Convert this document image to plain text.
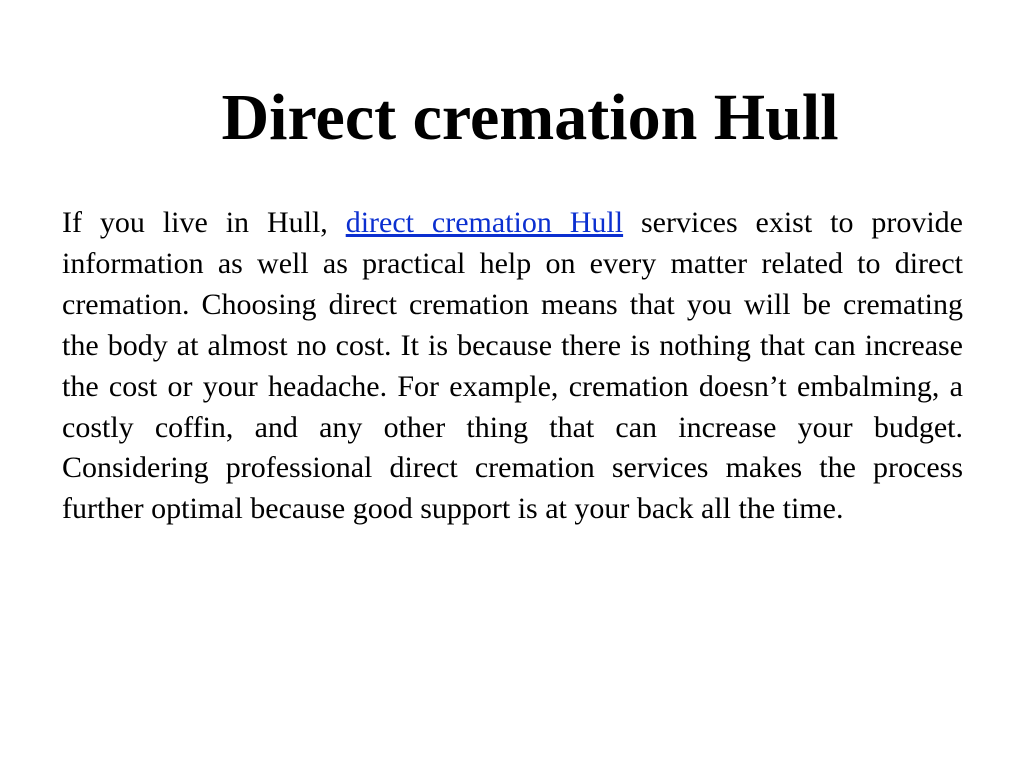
Direct cremation Hull

If you live in Hull, direct cremation Hull services exist to provide information as well as practical help on every matter related to direct cremation. Choosing direct cremation means that you will be cremating the body at almost no cost. It is because there is nothing that can increase the cost or your headache. For example, cremation doesn’t embalming, a costly coffin, and any other thing that can increase your budget. Considering professional direct cremation services makes the process further optimal because good support is at your back all the time.
